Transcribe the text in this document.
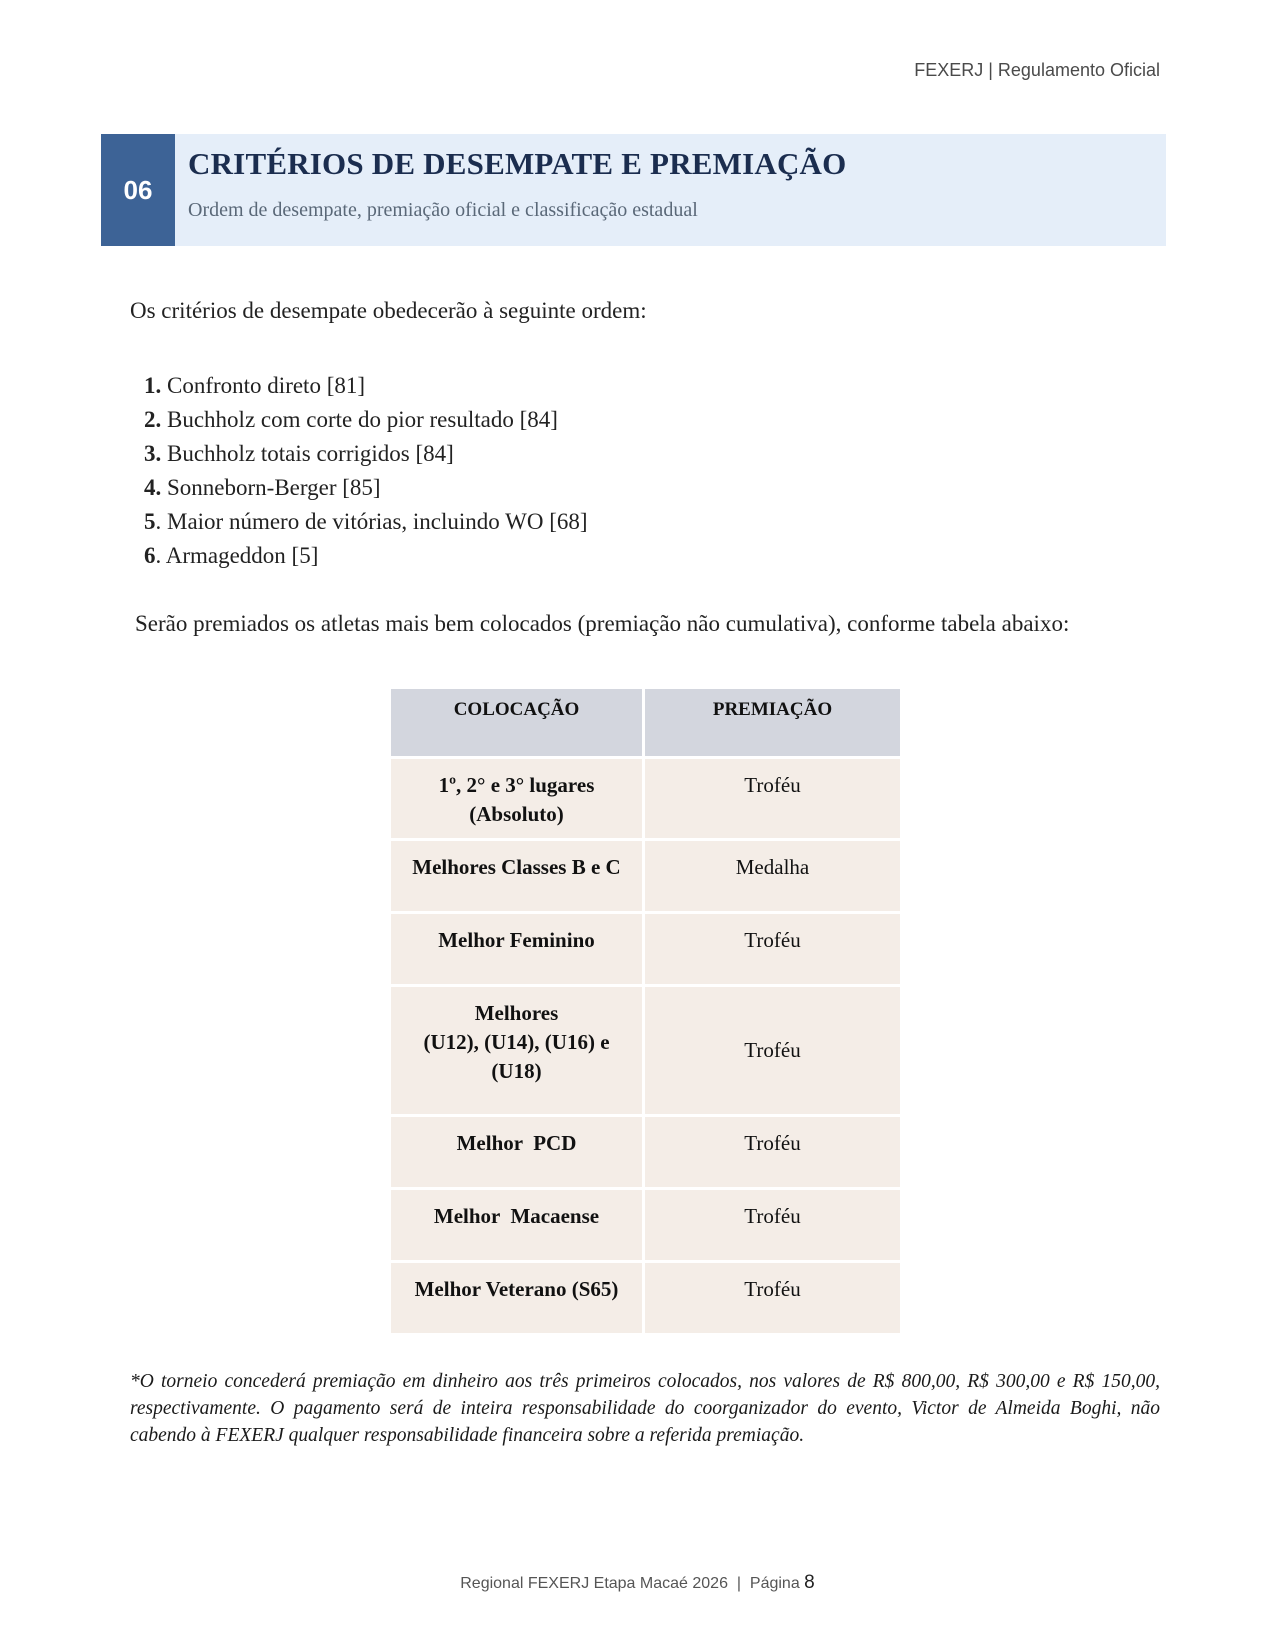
FEXERJ | Regulamento Oficial
06
CRITÉRIOS DE DESEMPATE E PREMIAÇÃO
Ordem de desempate, premiação oficial e classificação estadual

Os critérios de desempate obedecerão à seguinte ordem:

1. Confronto direto [81]
2. Buchholz com corte do pior resultado [84]
3. Buchholz totais corrigidos [84]
4. Sonneborn-Berger [85]
5. Maior número de vitórias, incluindo WO [68]
6. Armageddon [5]

Serão premiados os atletas mais bem colocados (premiação não cumulativa), conforme tabela abaixo:

COLOCAÇÃO	PREMIAÇÃO

1º, 2° e 3° lugares
(Absoluto)	Troféu

Melhores Classes B e C	Medalha

Melhor Feminino	Troféu

Melhores
(U12), (U14), (U16) e
(U18)	Troféu

Melhor  PCD	Troféu

Melhor  Macaense	Troféu

Melhor Veterano (S65)	Troféu

*O torneio concederá premiação em dinheiro aos três primeiros colocados, nos valores de R$ 800,00, R$ 300,00 e R$ 150,00, respectivamente. O pagamento será de inteira responsabilidade do coorganizador do evento, Victor de Almeida Boghi, não cabendo à FEXERJ qualquer responsabilidade financeira sobre a referida premiação.

Regional FEXERJ Etapa Macaé 2026  |  Página 8
